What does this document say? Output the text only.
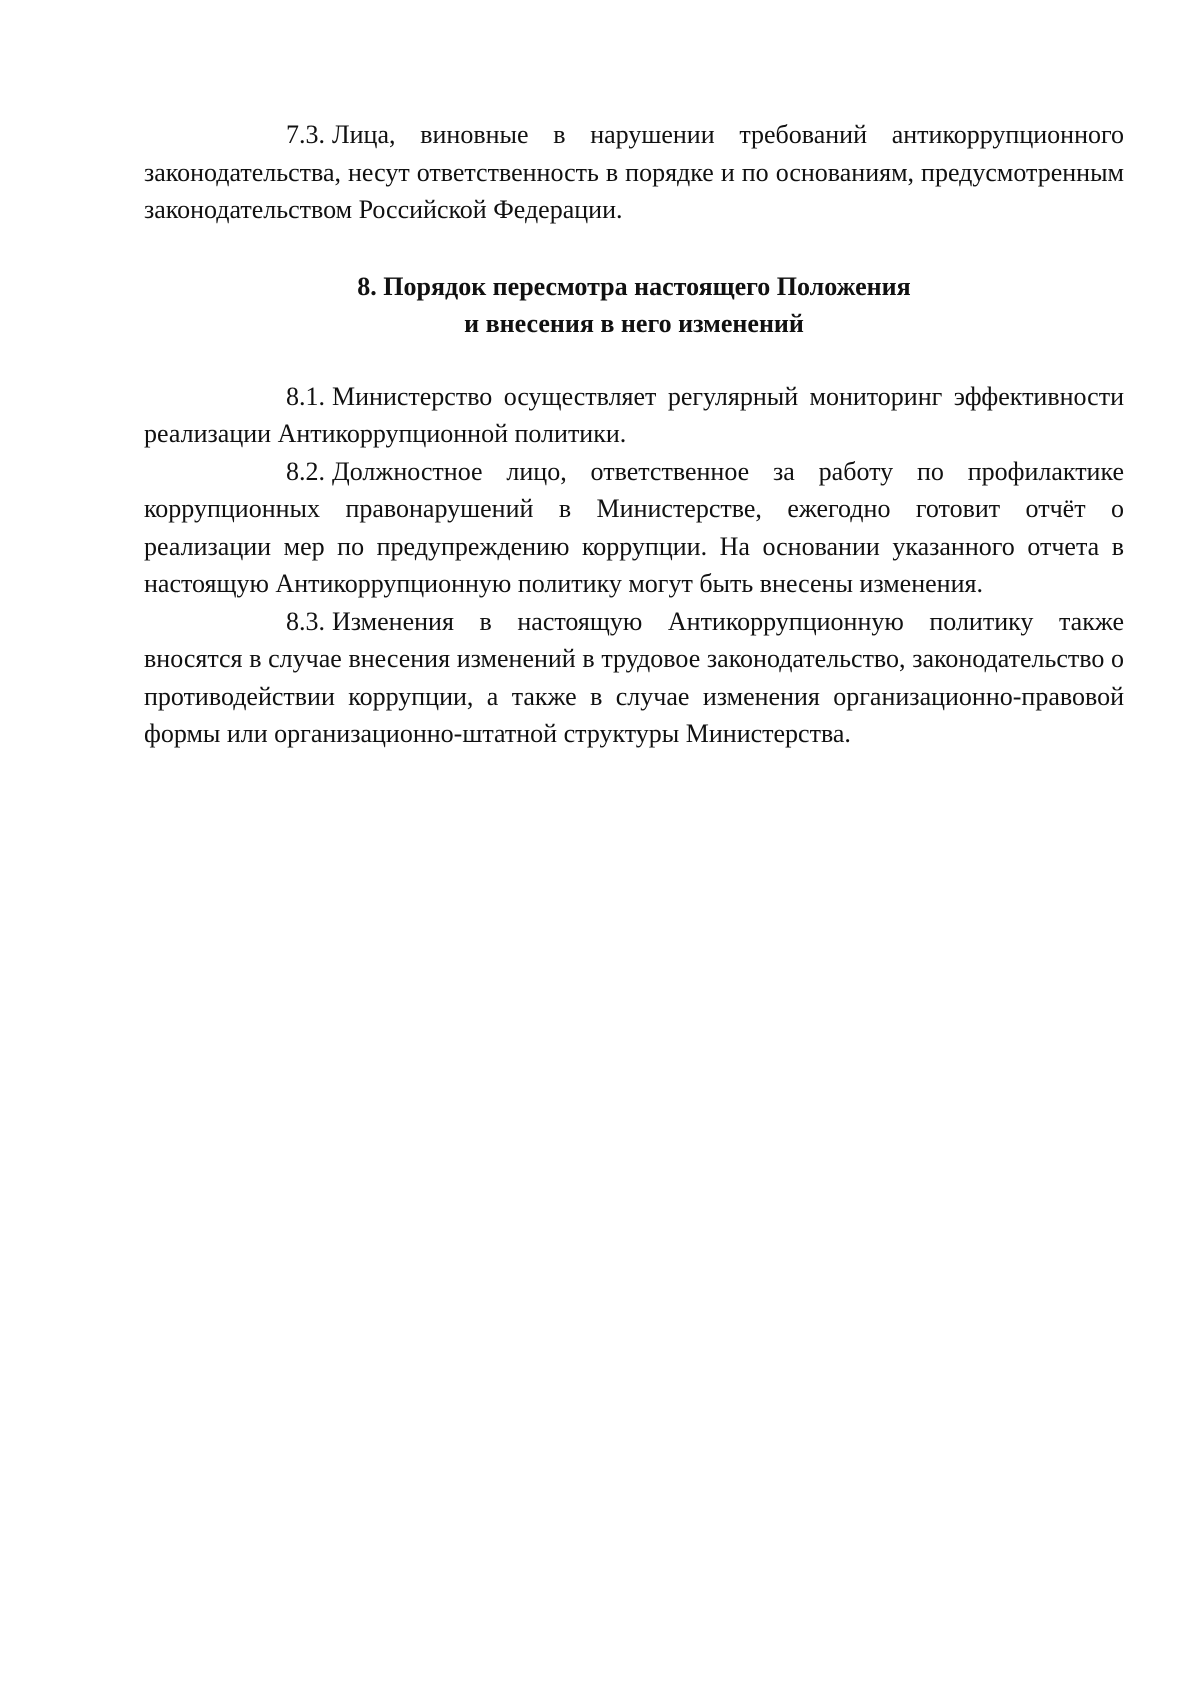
7.3. Лица, виновные в нарушении требований антикоррупционного законодательства, несут ответственность в порядке и по основаниям, предусмотренным законодательством Российской Федерации.

8. Порядок пересмотра настоящего Положения
и внесения в него изменений

8.1. Министерство осуществляет регулярный мониторинг эффективности реализации Антикоррупционной политики.

8.2. Должностное лицо, ответственное за работу по профилактике коррупционных правонарушений в Министерстве, ежегодно готовит отчёт о реализации мер по предупреждению коррупции. На основании указанного отчета в настоящую Антикоррупционную политику могут быть внесены изменения.

8.3. Изменения в настоящую Антикоррупционную политику также вносятся в случае внесения изменений в трудовое законодательство, законодательство о противодействии коррупции, а также в случае изменения организационно-правовой формы или организационно-штатной структуры Министерства.
